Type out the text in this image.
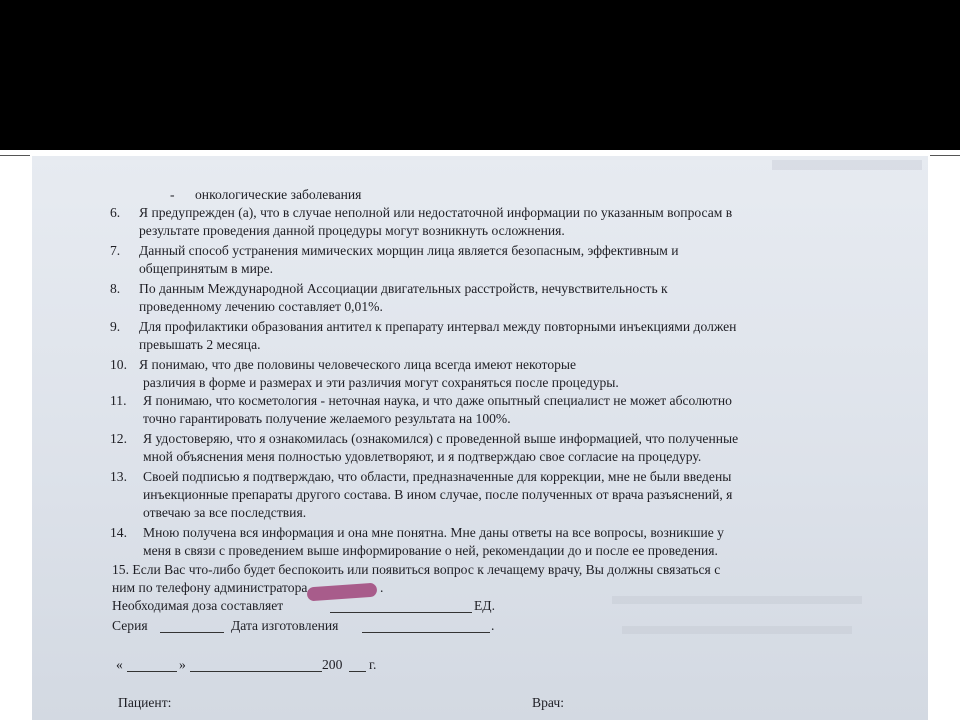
- онкологические заболевания
6. Я предупрежден (а), что в случае неполной или недостаточной информации по указанным вопросам в
результате проведения данной процедуры могут возникнуть осложнения.
7. Данный способ устранения мимических морщин лица является безопасным, эффективным и
общепринятым в мире.
8. По данным Международной Ассоциации двигательных расстройств, нечувствительность к
проведенному лечению составляет 0,01%.
9. Для профилактики образования антител к препарату интервал между повторными инъекциями должен
превышать 2 месяца.
10. Я понимаю, что две половины человеческого лица всегда имеют некоторые
различия в форме и размерах и эти различия могут сохраняться после процедуры.
11. Я понимаю, что косметология - неточная наука, и что даже опытный специалист не может абсолютно
точно гарантировать получение желаемого результата на 100%.
12. Я удостоверяю, что я ознакомилась (ознакомился) с проведенной выше информацией, что полученные
мной объяснения меня полностью удовлетворяют, и я подтверждаю свое согласие на процедуру.
13. Своей подписью я подтверждаю, что области, предназначенные для коррекции, мне не были введены
инъекционные препараты другого состава. В ином случае, после полученных от врача разъяснений, я
отвечаю за все последствия.
14. Мною получена вся информация и она мне понятна. Мне даны ответы на все вопросы, возникшие у
меня в связи с проведением выше информирование о ней, рекомендации до и после ее проведения.
15. Если Вас что-либо будет беспокоить или появиться вопрос к лечащему врачу, Вы должны связаться с
ним по телефону администратора	.
Необходимая доза составляет	ЕД.
Серия	Дата изготовления	.
«	»	200 г.
Пациент:	Врач:
